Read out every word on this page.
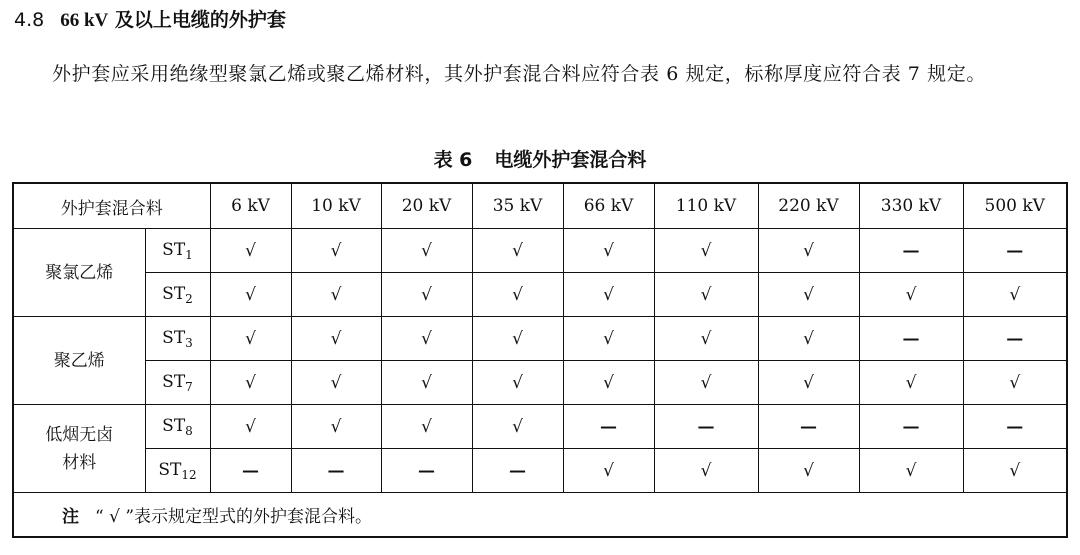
4.8 66 kV 及以上电缆的外护套
外护套应采用绝缘型聚氯乙烯或聚乙烯材料，其外护套混合料应符合表 6 规定，标称厚度应符合表 7 规定。
表 6 电缆外护套混合料
外护套混合料		6 kV	10 kV	20 kV	35 kV	66 kV	110 kV	220 kV	330 kV	500 kV
聚氯乙烯	$ST_1$	√	√	√	√	√	√	√	—	—
	$ST_2$	√	√	√	√	√	√	√	√	√
聚乙烯	$ST_3$	√	√	√	√	√	√	√	—	—
	$ST_7$	√	√	√	√	√	√	√	√	√
低烟无卤
材料	$ST_8$	√	√	√	√	—	—	—	—	—
	$ST_{12}$	—	—	—	—	√	√	√	√	√
注 “ √ ”表示规定型式的外护套混合料。										
